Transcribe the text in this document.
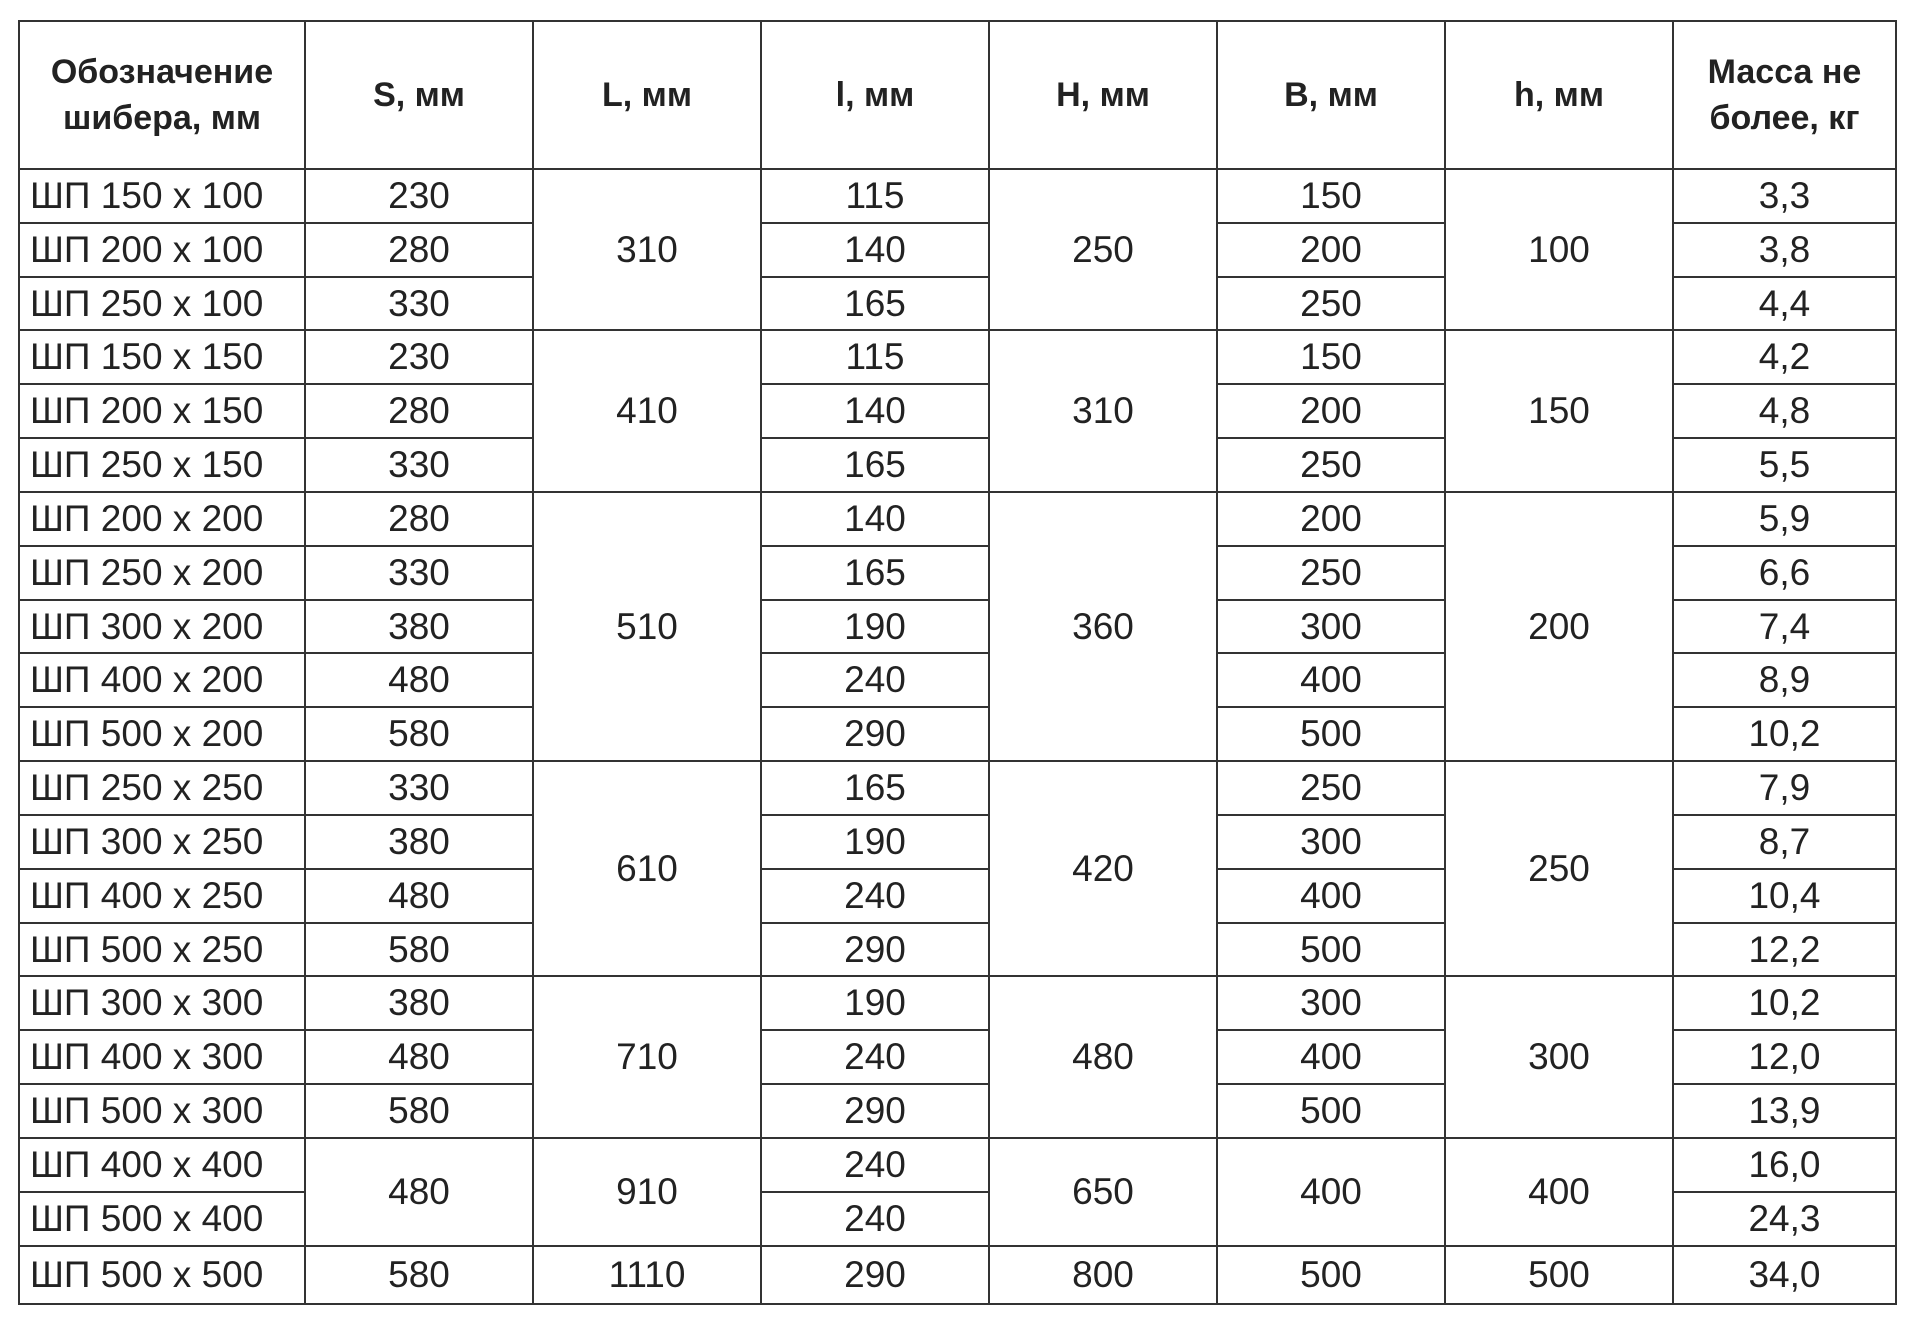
Обозначение шибера, мм	S, мм	L, мм	l, мм	H, мм	B, мм	h, мм	Масса не более, кг
ШП 150 х 100	230	310	115	250	150	100	3,3
ШП 200 х 100	280		140		200		3,8
ШП 250 х 100	330		165		250		4,4
ШП 150 х 150	230	410	115	310	150	150	4,2
ШП 200 х 150	280		140		200		4,8
ШП 250 х 150	330		165		250		5,5
ШП 200 х 200	280	510	140	360	200	200	5,9
ШП 250 х 200	330		165		250		6,6
ШП 300 х 200	380		190		300		7,4
ШП 400 х 200	480		240		400		8,9
ШП 500 х 200	580		290		500		10,2
ШП 250 х 250	330	610	165	420	250	250	7,9
ШП 300 х 250	380		190		300		8,7
ШП 400 х 250	480		240		400		10,4
ШП 500 х 250	580		290		500		12,2
ШП 300 х 300	380	710	190	480	300	300	10,2
ШП 400 х 300	480		240		400		12,0
ШП 500 х 300	580		290		500		13,9
ШП 400 х 400	480	910	240	650	400	400	16,0
ШП 500 х 400			240				24,3
ШП 500 х 500	580	1110	290	800	500	500	34,0
